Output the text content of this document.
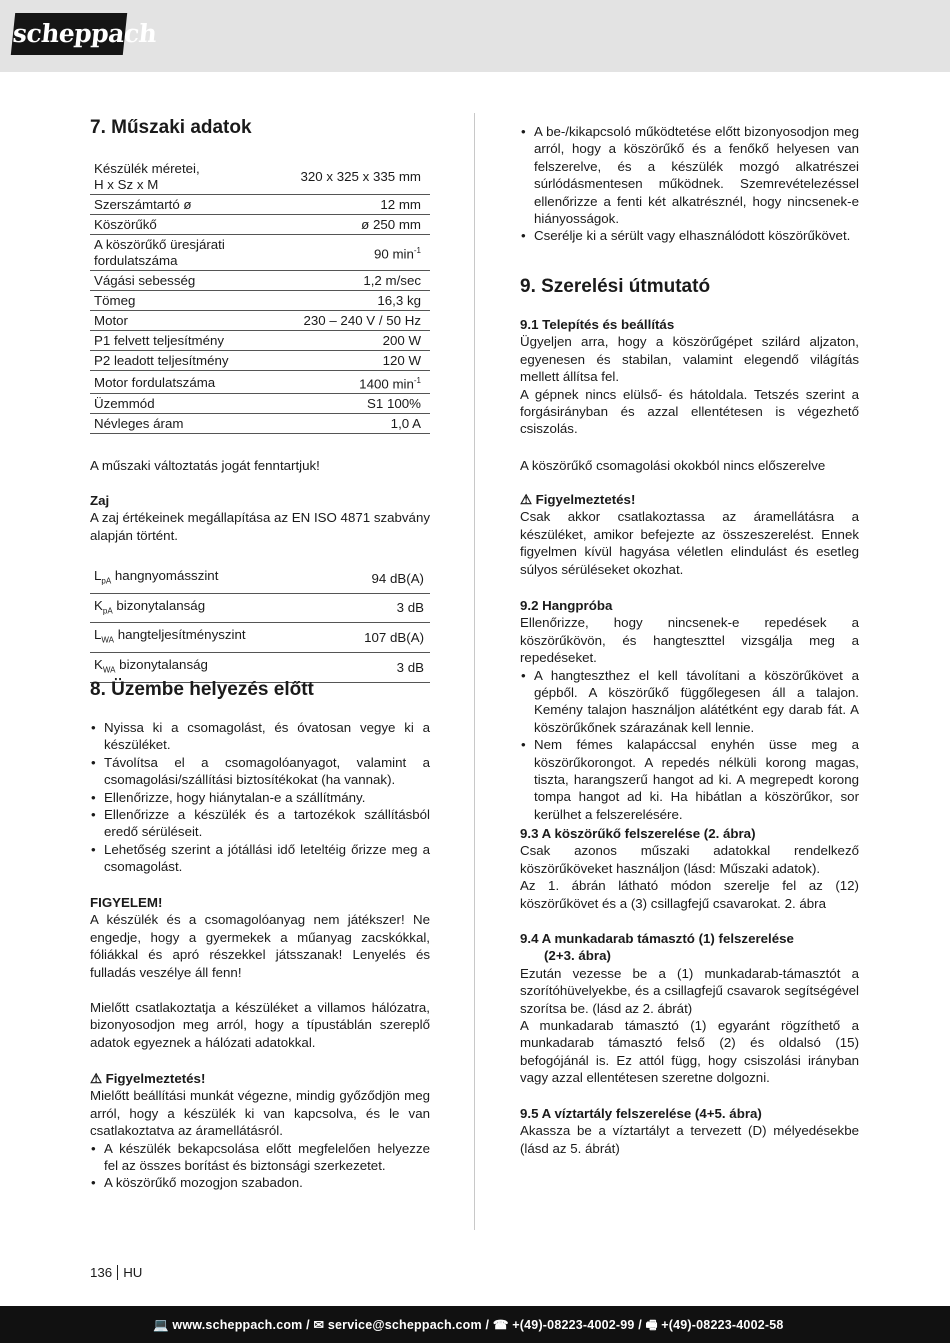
scheppach
7. Műszaki adatok
Készülék méretei,
H x Sz x M	320 x 325 x 335 mm
Szerszámtartó ø	12 mm
Köszörűkő	ø 250 mm
A köszörűkő üresjárati fordulatszáma	90 $\min^{-1}$
Vágási sebesség	1,2 m/sec
Tömeg	16,3 kg
Motor	230 – 240 V / 50 Hz
P1 felvett teljesítmény	200 W
P2 leadott teljesítmény	120 W
Motor fordulatszáma	1400 $\min^{-1}$
Üzemmód	S1 100%
Névleges áram	1,0 A
A műszaki változtatás jogát fenntartjuk!

Zaj

A zaj értékeinek megállapítása az EN ISO 4871 szabvány alapján történt.

$L_{pA}$ hangnyomásszint	94 dB(A)
$K_{pA}$ bizonytalanság	3 dB
$L_{WA}$ hangteljesítményszint	107 dB(A)
$K_{WA}$ bizonytalanság	3 dB
8. Üzembe helyezés előtt
• Nyissa ki a csomagolást, és óvatosan vegye ki a készüléket.
• Távolítsa el a csomagolóanyagot, valamint a csomagolási/szállítási biztosítékokat (ha vannak).
• Ellenőrizze, hogy hiánytalan-e a szállítmány.
• Ellenőrizze a készülék és a tartozékok szállításból eredő sérüléseit.
• Lehetőség szerint a jótállási idő leteltéig őrizze meg a csomagolást.

FIGYELEM!

A készülék és a csomagolóanyag nem játékszer! Ne engedje, hogy a gyermekek a műanyag zacskókkal, fóliákkal és apró részekkel játsszanak! Lenyelés és fulladás veszélye áll fenn!

Mielőtt csatlakoztatja a készüléket a villamos hálózatra, bizonyosodjon meg arról, hogy a típustáblán szereplő adatok egyeznek a hálózati adatokkal.

⚠ Figyelmeztetés!

Mielőtt beállítási munkát végezne, mindig győződjön meg arról, hogy a készülék ki van kapcsolva, és le van csatlakoztatva az áramellátásról.

• A készülék bekapcsolása előtt megfelelően helyezze fel az összes borítást és biztonsági szerkezetet.
• A köszörűkő mozogjon szabadon.
• A be-/kikapcsoló működtetése előtt bizonyosodjon meg arról, hogy a köszörűkő és a fenőkő helyesen van felszerelve, és a készülék mozgó alkatrészei súrlódásmentesen működnek. Szemrevételezéssel ellenőrizze a fenti két alkatrésznél, hogy nincsenek-e hiányosságok.
• Cserélje ki a sérült vagy elhasználódott köszörűkövet.
9. Szerelési útmutató

9.1 Telepítés és beállítás

Ügyeljen arra, hogy a köszörűgépet szilárd aljzaton, egyenesen és stabilan, valamint elegendő világítás mellett állítsa fel.

A gépnek nincs elülső- és hátoldala. Tetszés szerint a forgásirányban és azzal ellentétesen is végezhető csiszolás.

A köszörűkő csomagolási okokból nincs előszerelve

⚠ Figyelmeztetés!

Csak akkor csatlakoztassa az áramellátásra a készüléket, amikor befejezte az összeszerelést. Ennek figyelmen kívül hagyása véletlen elindulást és esetleg súlyos sérüléseket okozhat.

9.2 Hangpróba

Ellenőrizze, hogy nincsenek-e repedések a köszörűkövön, és hangteszttel vizsgálja meg a repedéseket.

• A hangteszthez el kell távolítani a köszörűkövet a gépből. A köszörűkő függőlegesen áll a talajon. Kemény talajon használjon alátétként egy darab fát. A köszörűkőnek szárazának kell lennie.
• Nem fémes kalapáccsal enyhén üsse meg a köszörűkorongot. A repedés nélküli korong magas, tiszta, harangszerű hangot ad ki. A megrepedt korong tompa hangot ad ki. Ha hibátlan a köszörűkor, sor kerülhet a felszerelésére.

9.3 A köszörűkő felszerelése (2. ábra)

Csak azonos műszaki adatokkal rendelkező köszörűköveket használjon (lásd: Műszaki adatok).

Az 1. ábrán látható módon szerelje fel az (12) köszörűkövet és a (3) csillagfejű csavarokat. 2. ábra

9.4 A munkadarab támasztó (1) felszerelése

(2+3. ábra)

Ezután vezesse be a (1) munkadarab-támasztót a szorítóhüvelyekbe, és a csillagfejű csavarok segítségével szorítsa be. (lásd az 2. ábrát)

A munkadarab támasztó (1) egyaránt rögzíthető a munkadarab támasztó felső (2) és oldalsó (15) befogójánál is. Ez attól függ, hogy csiszolási irányban vagy azzal ellentétesen szeretne dolgozni.

9.5 A víztartály felszerelése (4+5. ábra)

Akassza be a víztartályt a tervezett (D) mélyedésekbe (lásd az 5. ábrát)

136 HU
💻 www.scheppach.com / ✉ service@scheppach.com / ☎ +(49)-08223-4002-99 / 🖷 +(49)-08223-4002-58
